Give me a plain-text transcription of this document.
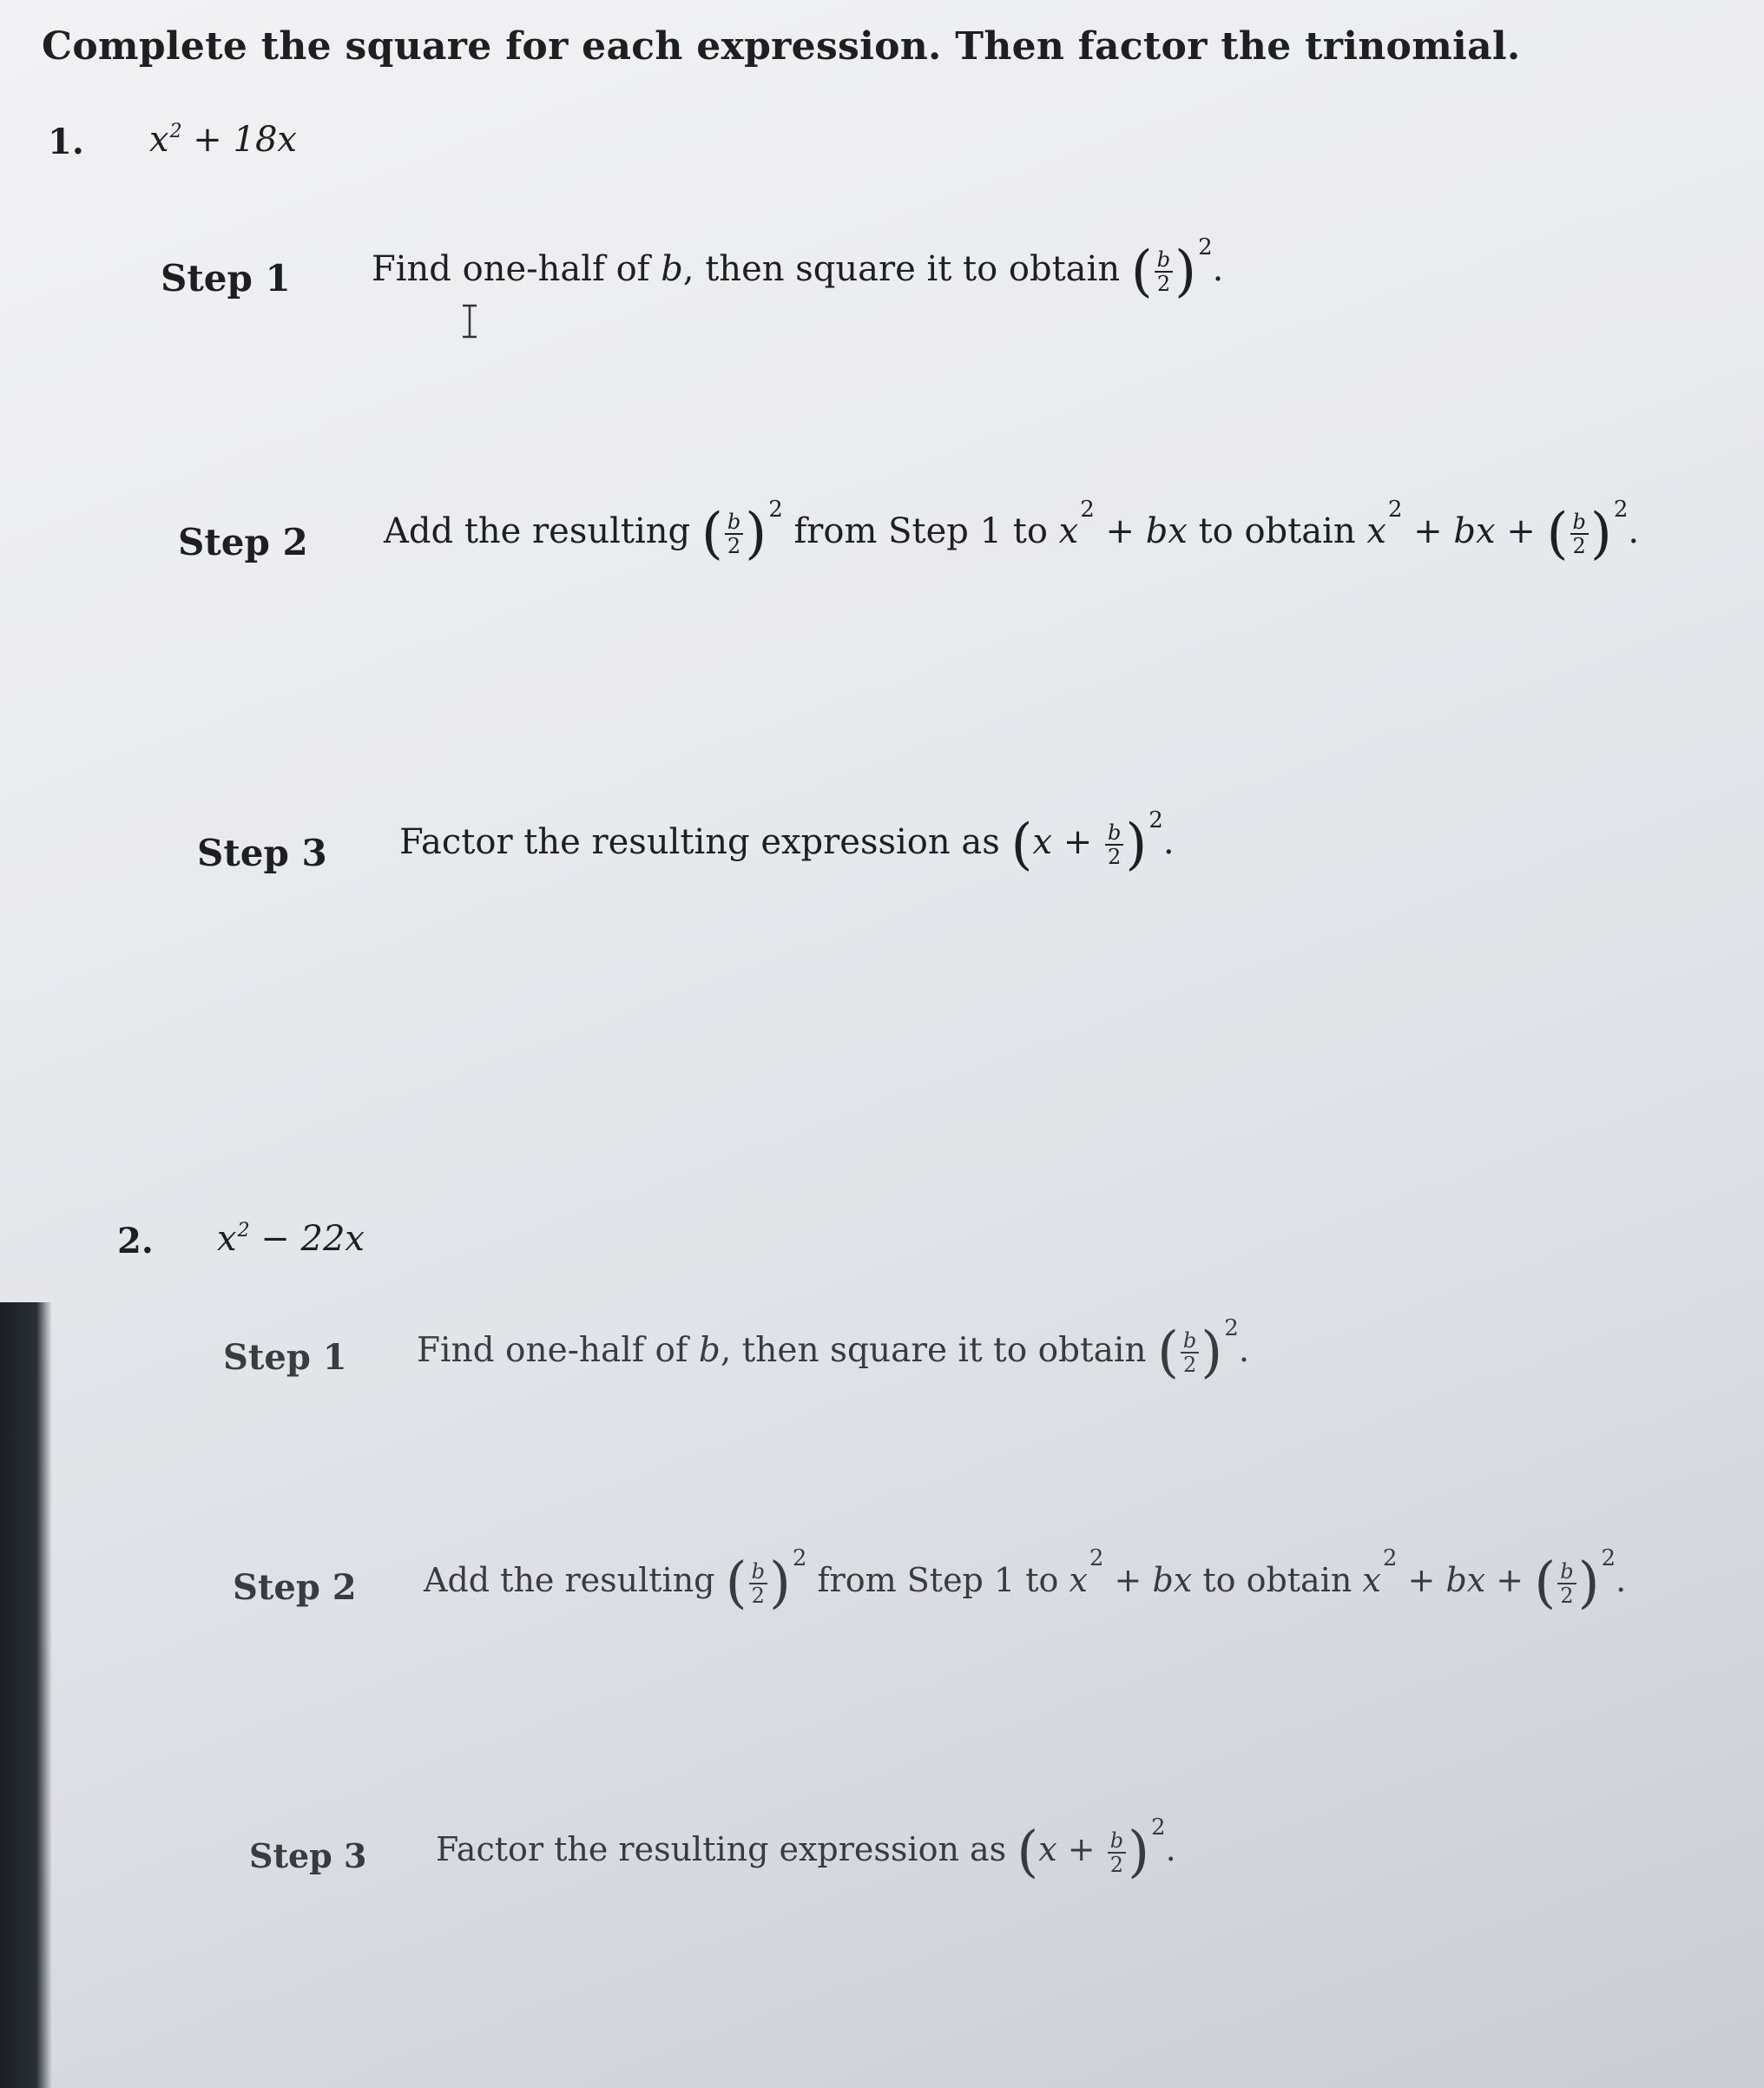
Complete the square for each expression. Then factor the trinomial.
1. $x^2 + 18x$
Step 1 Find one-half of b, then square it to obtain ( $\frac{b}{2} )^2$.
Step 2 Add the resulting ( $\frac{b}{2} )^2$ from Step 1 to $x^2$ + bx to obtain $x^2$ + bx + ( $\frac{b}{2} )^2$.
Step 3 Factor the resulting expression as $(x + \frac{b}{2} )^2$.
2. $x^2 - 22x$
Step 1 Find one-half of b, then square it to obtain ( $\frac{b}{2} )^2$.
Step 2 Add the resulting ( $\frac{b}{2} )^2$ from Step 1 to $x^2$ + bx to obtain $x^2$ + bx + ( $\frac{b}{2} )^2$.
Step 3 Factor the resulting expression as $(x + \frac{b}{2} )^2$.
